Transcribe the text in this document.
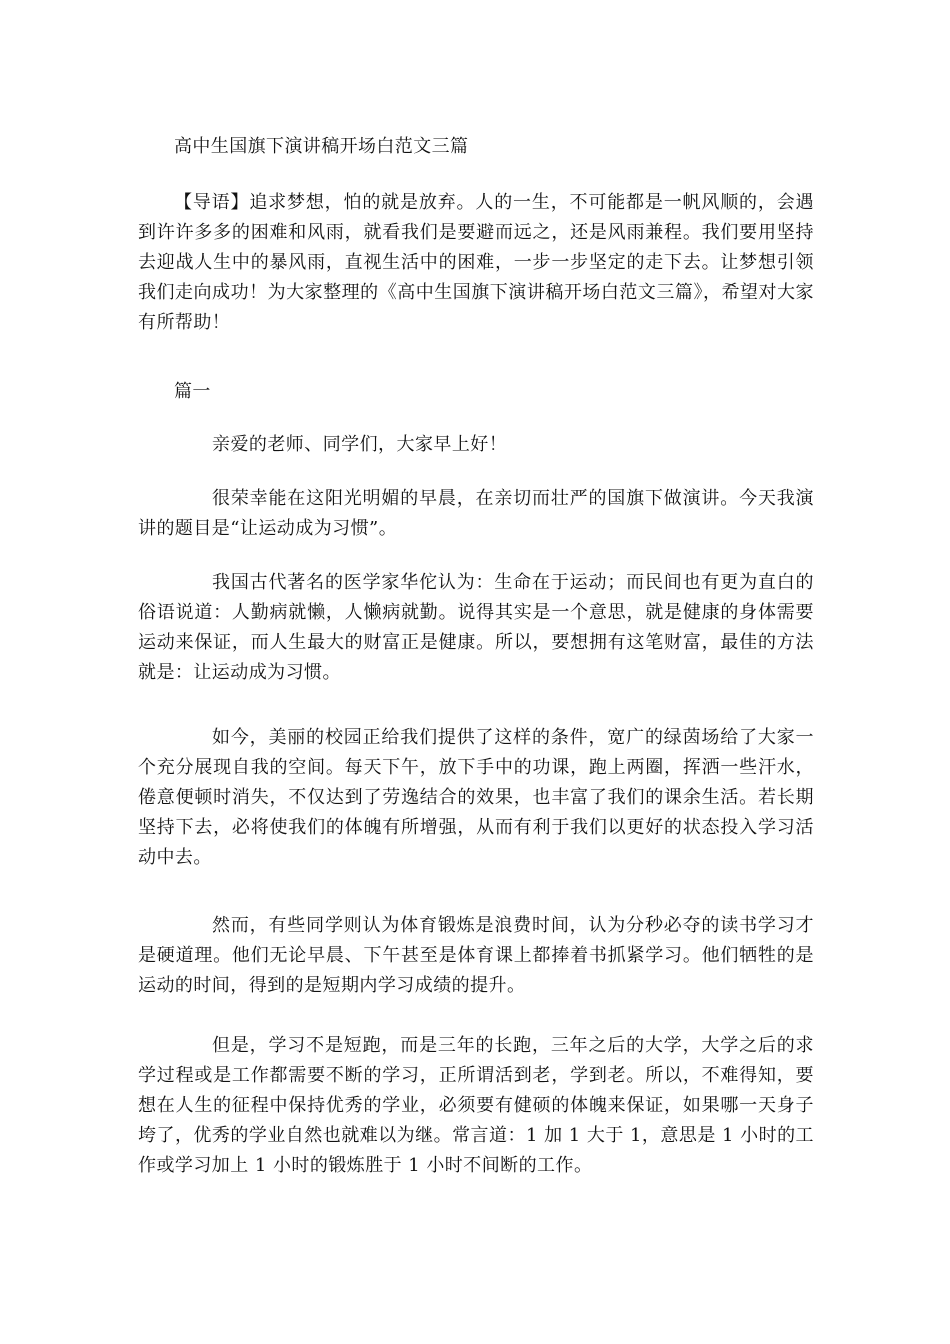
高中生国旗下演讲稿开场白范文三篇

【导语】追求梦想，怕的就是放弃。人的一生，不可能都是一帆风顺的，会遇到许许多多的困难和风雨，就看我们是要避而远之，还是风雨兼程。我们要用坚持去迎战人生中的暴风雨，直视生活中的困难，一步一步坚定的走下去。让梦想引领我们走向成功！为大家整理的《高中生国旗下演讲稿开场白范文三篇》，希望对大家有所帮助！

篇一

亲爱的老师、同学们，大家早上好！

很荣幸能在这阳光明媚的早晨，在亲切而壮严的国旗下做演讲。今天我演讲的题目是“让运动成为习惯”。

我国古代著名的医学家华佗认为：生命在于运动；而民间也有更为直白的俗语说道：人勤病就懒，人懒病就勤。说得其实是一个意思，就是健康的身体需要运动来保证，而人生最大的财富正是健康。所以，要想拥有这笔财富，最佳的方法就是：让运动成为习惯。

如今，美丽的校园正给我们提供了这样的条件，宽广的绿茵场给了大家一个充分展现自我的空间。每天下午，放下手中的功课，跑上两圈，挥洒一些汗水，倦意便顿时消失，不仅达到了劳逸结合的效果，也丰富了我们的课余生活。若长期坚持下去，必将使我们的体魄有所增强，从而有利于我们以更好的状态投入学习活动中去。

然而，有些同学则认为体育锻炼是浪费时间，认为分秒必夺的读书学习才是硬道理。他们无论早晨、下午甚至是体育课上都捧着书抓紧学习。他们牺牲的是运动的时间，得到的是短期内学习成绩的提升。

但是，学习不是短跑，而是三年的长跑，三年之后的大学，大学之后的求学过程或是工作都需要不断的学习，正所谓活到老，学到老。所以，不难得知，要想在人生的征程中保持优秀的学业，必须要有健硕的体魄来保证，如果哪一天身子垮了，优秀的学业自然也就难以为继。常言道：1 加 1 大于 1，意思是 1 小时的工作或学习加上 1 小时的锻炼胜于 1 小时不间断的工作。
